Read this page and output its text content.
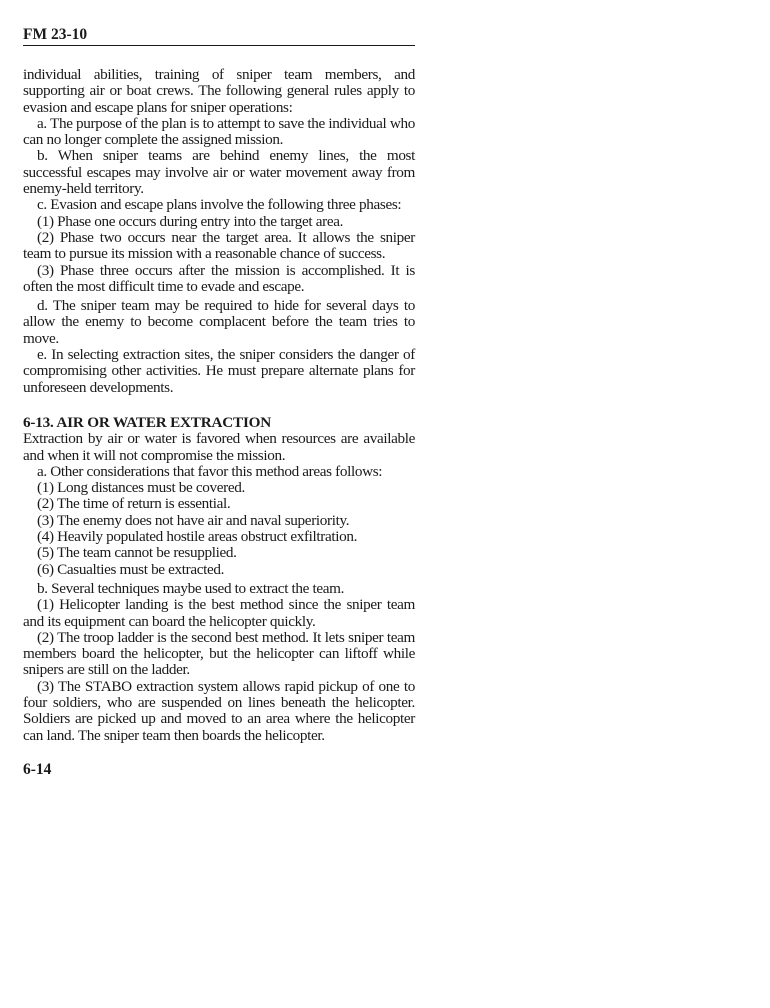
FM 23-10

individual abilities, training of sniper team members, and supporting air or boat crews. The following general rules apply to evasion and escape plans for sniper operations:

a. The purpose of the plan is to attempt to save the individual who can no longer complete the assigned mission.

b. When sniper teams are behind enemy lines, the most successful escapes may involve air or water movement away from enemy-held territory.

c. Evasion and escape plans involve the following three phases:

(1) Phase one occurs during entry into the target area.

(2) Phase two occurs near the target area. It allows the sniper team to pursue its mission with a reasonable chance of success.

(3) Phase three occurs after the mission is accomplished. It is often the most difficult time to evade and escape.

d. The sniper team may be required to hide for several days to allow the enemy to become complacent before the team tries to move.

e. In selecting extraction sites, the sniper considers the danger of compromising other activities. He must prepare alternate plans for unforeseen developments.

6-13. AIR OR WATER EXTRACTION

Extraction by air or water is favored when resources are available and when it will not compromise the mission.

a. Other considerations that favor this method areas follows:

(1) Long distances must be covered.

(2) The time of return is essential.

(3) The enemy does not have air and naval superiority.

(4) Heavily populated hostile areas obstruct exfiltration.

(5) The team cannot be resupplied.

(6) Casualties must be extracted.

b. Several techniques maybe used to extract the team.

(1) Helicopter landing is the best method since the sniper team and its equipment can board the helicopter quickly.

(2) The troop ladder is the second best method. It lets sniper team members board the helicopter, but the helicopter can liftoff while snipers are still on the ladder.

(3) The STABO extraction system allows rapid pickup of one to four soldiers, who are suspended on lines beneath the helicopter. Soldiers are picked up and moved to an area where the helicopter can land. The sniper team then boards the helicopter.

6-14
